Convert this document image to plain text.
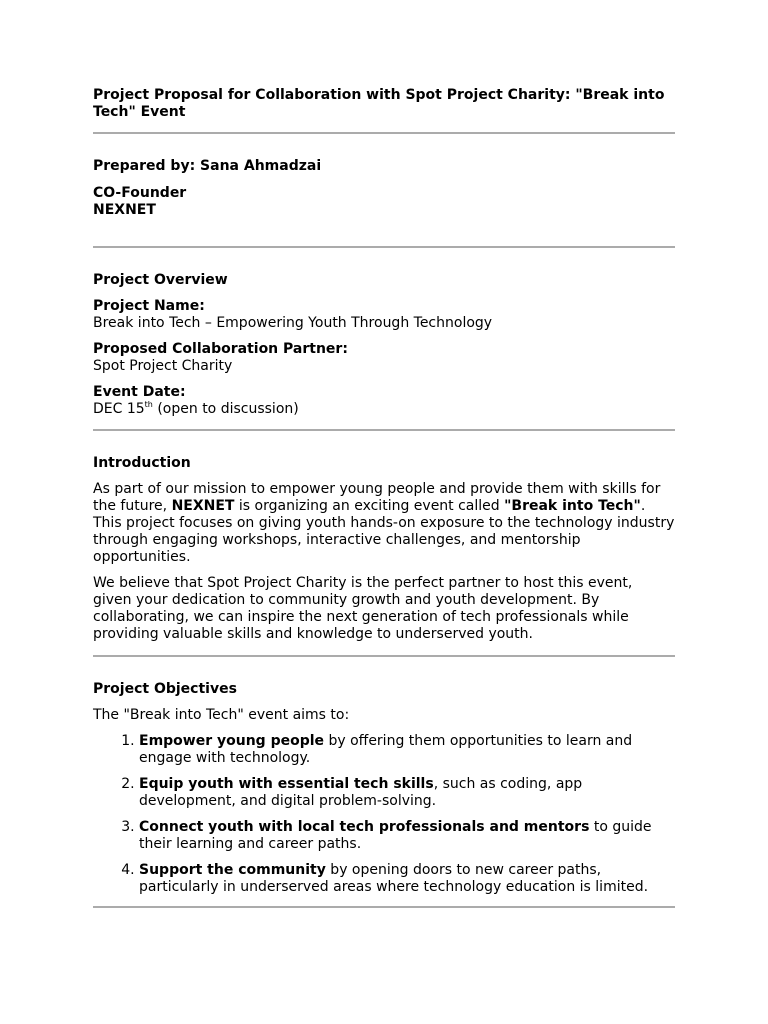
Project Proposal for Collaboration with Spot Project Charity: "Break into Tech" Event

Prepared by: Sana Ahmadzai

CO-Founder

NEXNET

Project Overview

Project Name:

Break into Tech – Empowering Youth Through Technology

Proposed Collaboration Partner:

Spot Project Charity

Event Date:

DEC 15th (open to discussion)

Introduction

As part of our mission to empower young people and provide them with skills for the future, NEXNET is organizing an exciting event called "Break into Tech". This project focuses on giving youth hands-on exposure to the technology industry through engaging workshops, interactive challenges, and mentorship opportunities.

We believe that Spot Project Charity is the perfect partner to host this event, given your dedication to community growth and youth development. By collaborating, we can inspire the next generation of tech professionals while providing valuable skills and knowledge to underserved youth.

Project Objectives

The "Break into Tech" event aims to:

1. Empower young people by offering them opportunities to learn and engage with technology.
2. Equip youth with essential tech skills, such as coding, app development, and digital problem-solving.
3. Connect youth with local tech professionals and mentors to guide their learning and career paths.
4. Support the community by opening doors to new career paths, particularly in underserved areas where technology education is limited.
